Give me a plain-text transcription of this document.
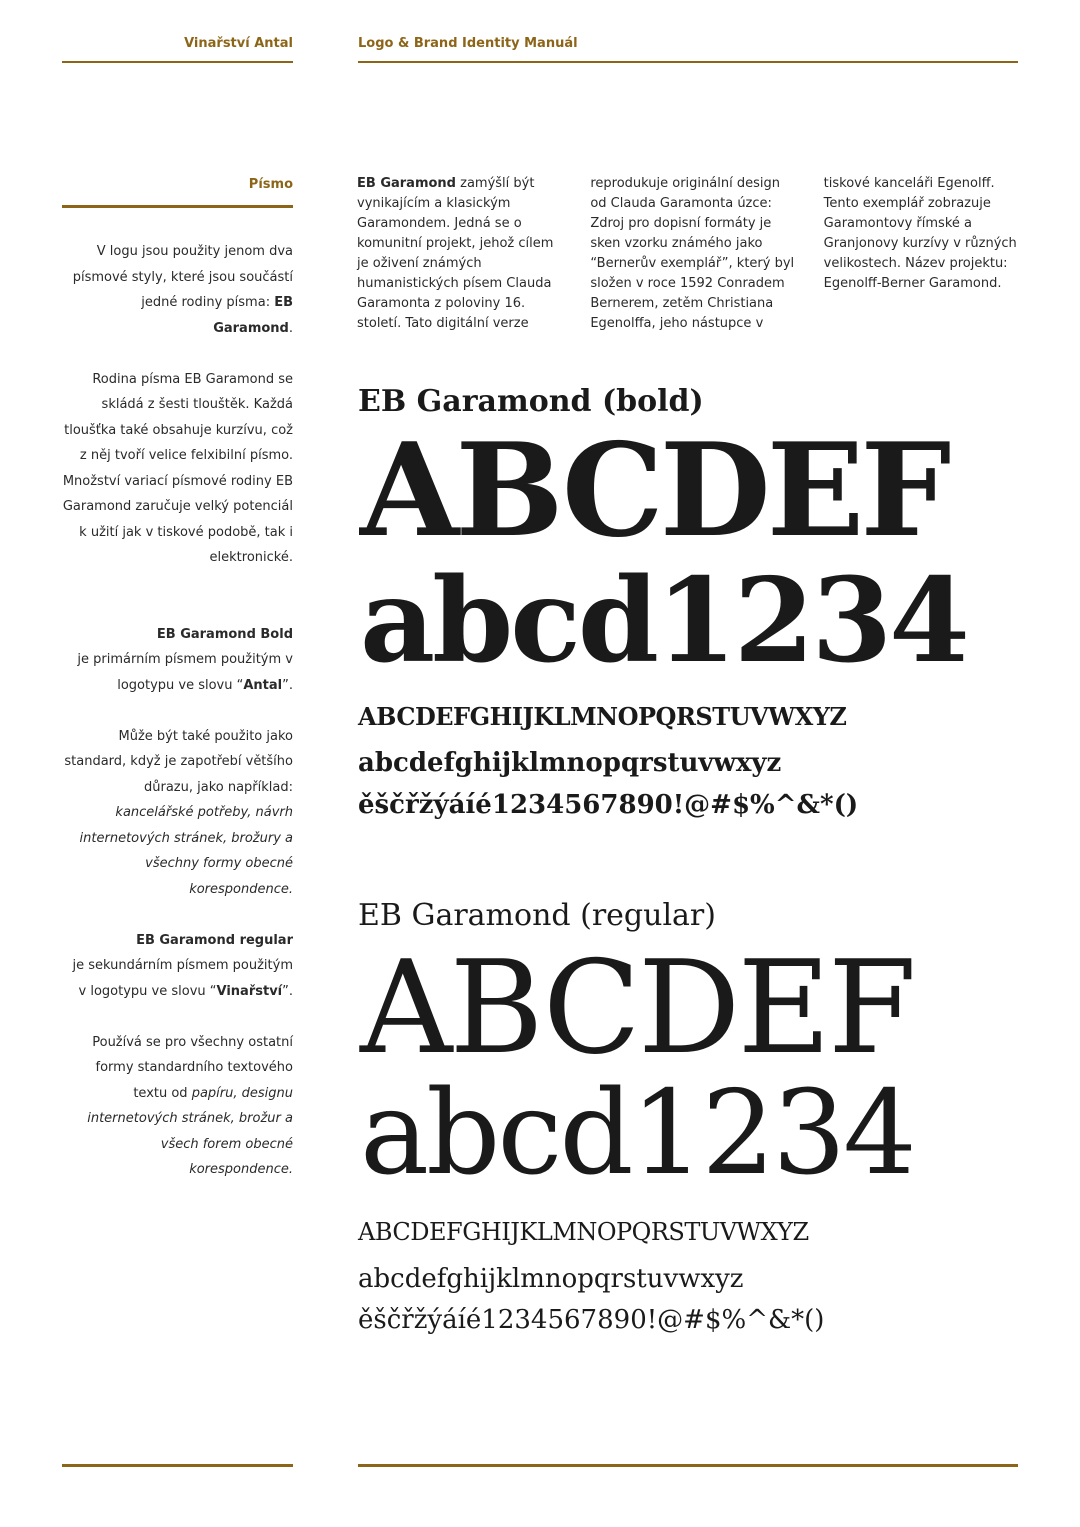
Vinařství Antal	Logo & Brand Identity Manuál
Písmo

V logu jsou použity jenom dva písmové styly, které jsou součástí jedné rodiny písma: EB Garamond.

Rodina písma EB Garamond se skládá z šesti tlouštěk. Každá tloušťka také obsahuje kurzívu, což z něj tvoří velice felxibilní písmo. Množství variací písmové rodiny EB Garamond zaručuje velký potenciál k užití jak v tiskové podobě, tak i elektronické.

EB Garamond Bold
je primárním písmem použitým v logotypu ve slovu “Antal”.

Může být také použito jako standard, když je zapotřebí většího důrazu, jako například: kancelářské potřeby, návrh internetových stránek, brožury a všechny formy obecné korespondence.

EB Garamond regular
je sekundárním písmem použitým v logotypu ve slovu “Vinařství”.

Používá se pro všechny ostatní formy standardního textového textu od papíru, designu internetových stránek, brožur a všech forem obecné korespondence.

EB Garamond zamýšlí být vynikajícím a klasickým Garamondem. Jedná se o komunitní projekt, jehož cílem je oživení známých humanistických písem Clauda Garamonta z poloviny 16. století. Tato digitální verze reprodukuje originální design od Clauda Garamonta úzce: Zdroj pro dopisní formáty je sken vzorku známého jako “Bernerův exemplář”, který byl složen v roce 1592 Conradem Bernerem, zetěm Christiana Egenolffa, jeho nástupce v tiskové kanceláři Egenolff. Tento exemplář zobrazuje Garamontovy římské a Granjonovy kurzívy v různých velikostech. Název projektu: Egenolff-Berner Garamond.
EB Garamond (bold)
ABCDEF
abcd1234
ABCDEFGHIJKLMNOPQRSTUVWXYZ
abcdefghijklmnopqrstuvwxyz
ěščřžýáíé1234567890!@#$%^&*()
EB Garamond (regular)
ABCDEF
abcd1234
ABCDEFGHIJKLMNOPQRSTUVWXYZ
abcdefghijklmnopqrstuvwxyz
ěščřžýáíé1234567890!@#$%^&*()
